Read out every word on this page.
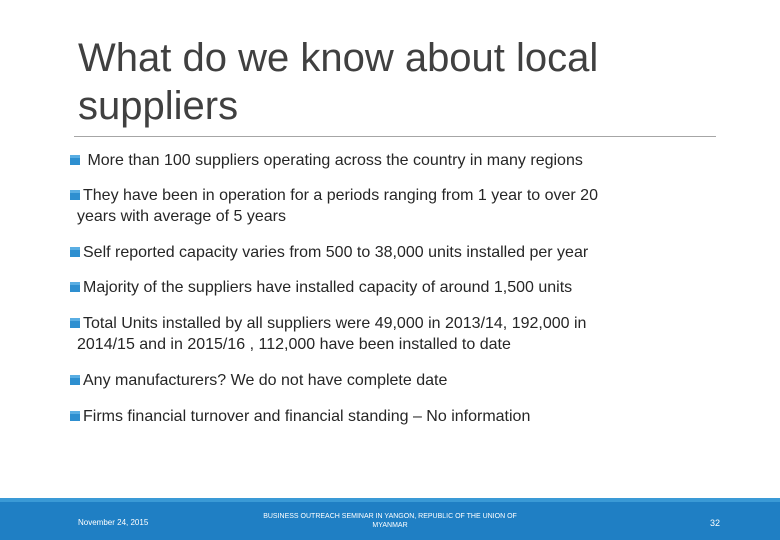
What do we know about local suppliers
More than 100 suppliers operating across the country in many regions
They have been in operation for a periods ranging from 1 year to over 20
years with average of 5 years
Self reported capacity varies from 500 to 38,000 units installed per year
Majority of the suppliers have installed capacity of around 1,500 units
Total Units installed by all suppliers were 49,000 in 2013/14, 192,000 in
2014/15 and in 2015/16 , 112,000 have been installed to date
Any manufacturers? We do not have complete date
Firms financial turnover and financial standing – No information
November 24, 2015
BUSINESS OUTREACH SEMINAR IN YANGON, REPUBLIC OF THE UNION OF
MYANMAR	32
